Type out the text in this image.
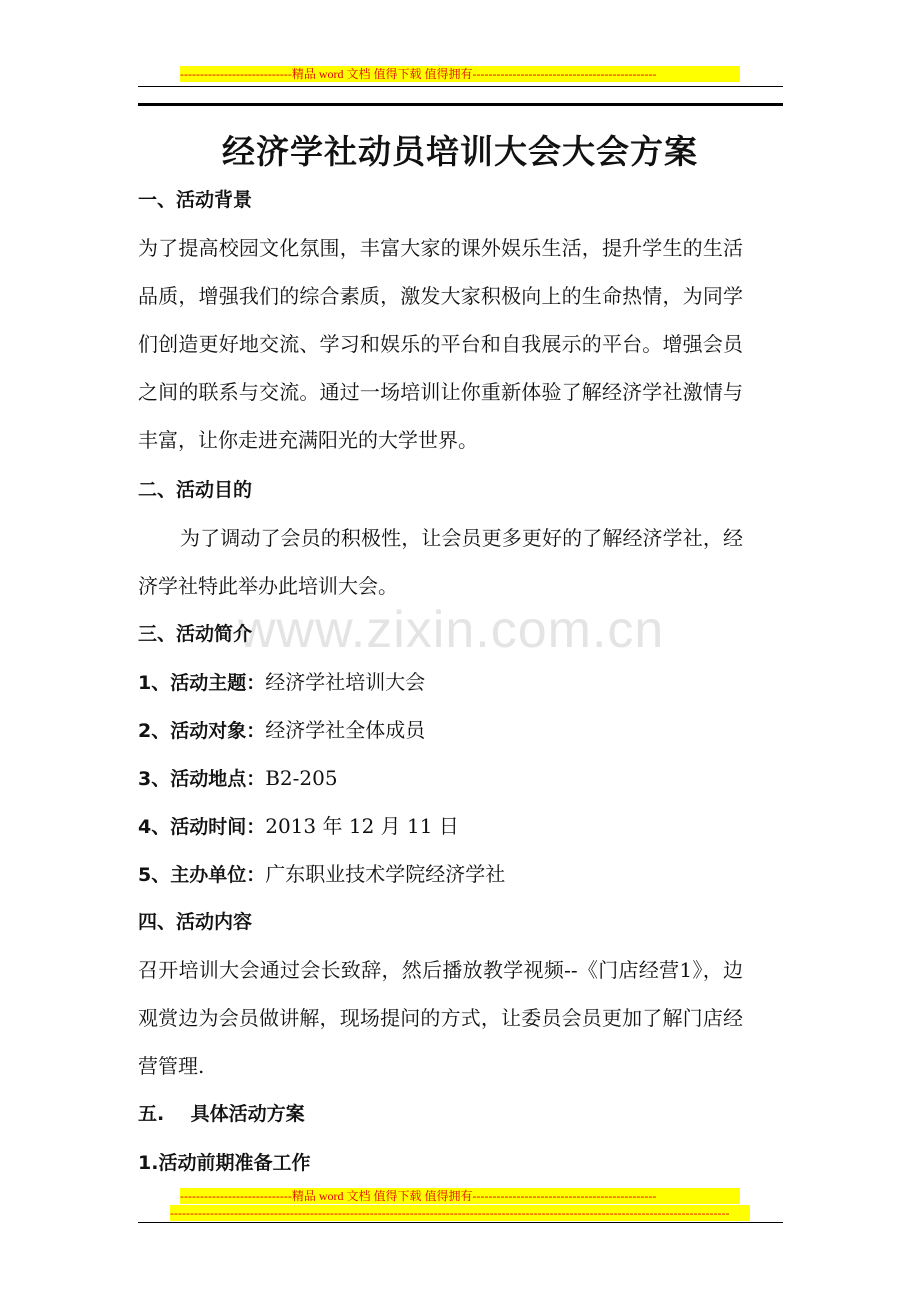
----------------------------精品 word 文档 值得下载 值得拥有----------------------------------------------
经济学社动员培训大会大会方案
一、活动背景
为了提高校园文化氛围，丰富大家的课外娱乐生活，提升学生的生活品质，增强我们的综合素质，激发大家积极向上的生命热情，为同学们创造更好地交流、学习和娱乐的平台和自我展示的平台。增强会员之间的联系与交流。通过一场培训让你重新体验了解经济学社激情与丰富，让你走进充满阳光的大学世界。
二、活动目的
为了调动了会员的积极性，让会员更多更好的了解经济学社，经济学社特此举办此培训大会。
www.zixin.com.cn
三、活动简介
1、活动主题：经济学社培训大会
2、活动对象：经济学社全体成员
3、活动地点：B2-205
4、活动时间：2013 年 12 月 11 日
5、主办单位：广东职业技术学院经济学社
四、活动内容
召开培训大会通过会长致辞，然后播放教学视频--《门店经营1》，边观赏边为会员做讲解，现场提问的方式，让委员会员更加了解门店经营管理.
五.    具体活动方案
1.活动前期准备工作
----------------------------精品 word 文档 值得下载 值得拥有----------------------------------------------
--------------------------------------------------------------------------------------------------------------------------------------------
